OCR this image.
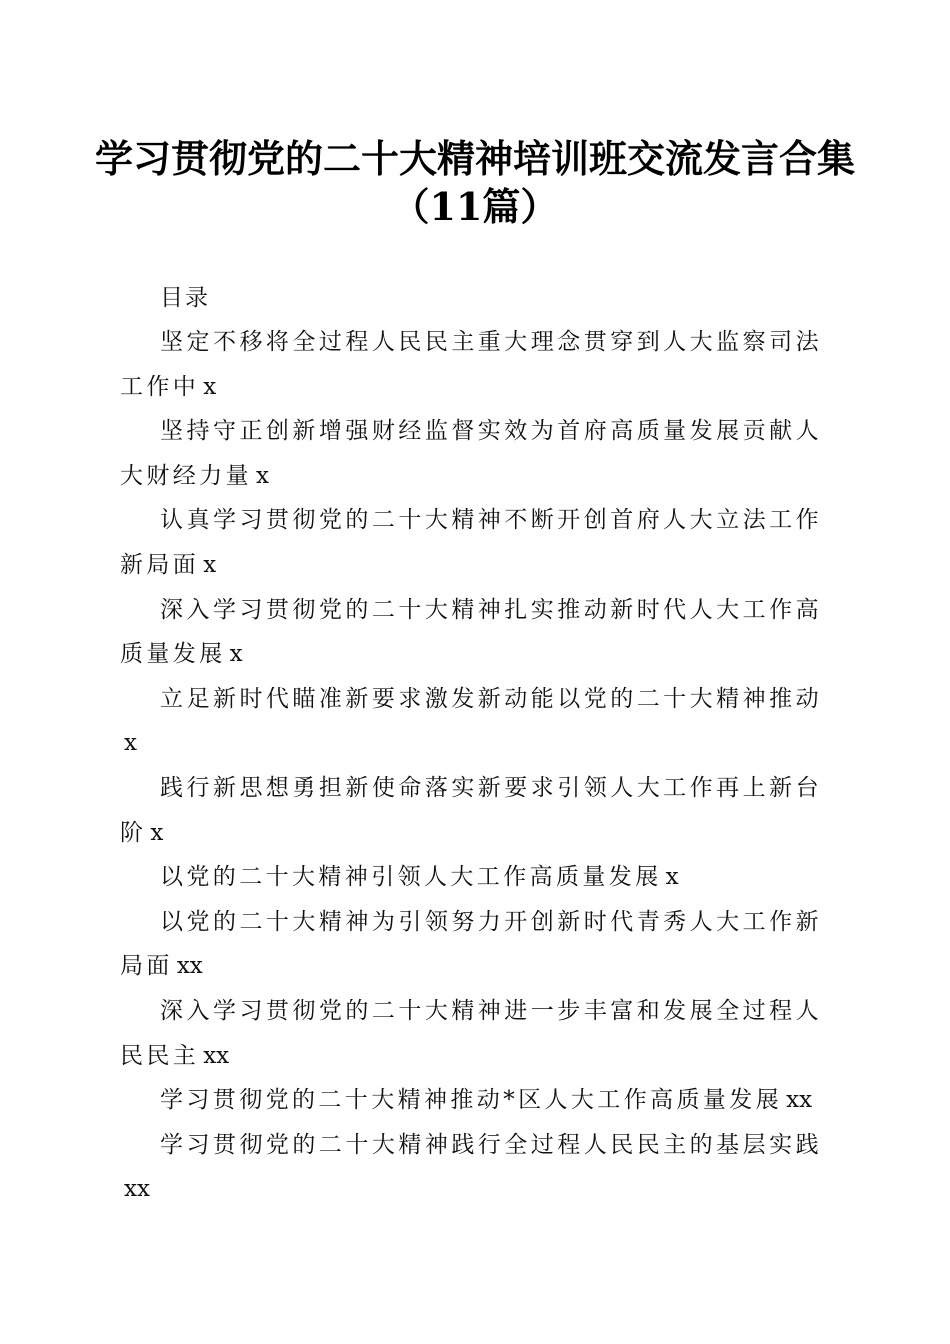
学习贯彻党的二十大精神培训班交流发言合集
（11篇）
目录
坚定不移将全过程人民民主重大理念贯穿到人大监察司法工作中 x
坚持守正创新增强财经监督实效为首府高质量发展贡献人大财经力量 x
认真学习贯彻党的二十大精神不断开创首府人大立法工作新局面 x
深入学习贯彻党的二十大精神扎实推动新时代人大工作高质量发展 x
立足新时代瞄准新要求激发新动能以党的二十大精神推动x
践行新思想勇担新使命落实新要求引领人大工作再上新台阶 x
以党的二十大精神引领人大工作高质量发展 x
以党的二十大精神为引领努力开创新时代青秀人大工作新局面 xx
深入学习贯彻党的二十大精神进一步丰富和发展全过程人民民主 xx
学习贯彻党的二十大精神推动*区人大工作高质量发展 xx
学习贯彻党的二十大精神践行全过程人民民主的基层实践xx
